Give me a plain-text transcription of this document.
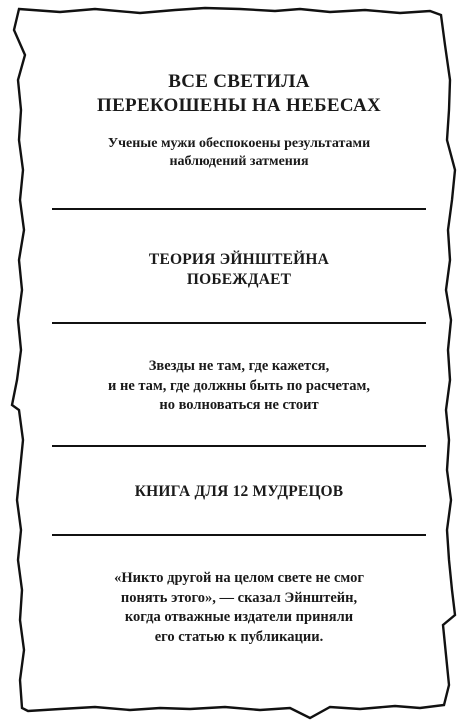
ВСЕ СВЕТИЛА
ПЕРЕКОШЕНЫ НА НЕБЕСАХ
Ученые мужи обеспокоены результатами
наблюдений затмения
ТЕОРИЯ ЭЙНШТЕЙНА
ПОБЕЖДАЕТ
Звезды не там, где кажется,
и не там, где должны быть по расчетам,
но волноваться не стоит
КНИГА ДЛЯ 12 МУДРЕЦОВ
«Никто другой на целом свете не смог
понять этого», — сказал Эйнштейн,
когда отважные издатели приняли
его статью к публикации.
